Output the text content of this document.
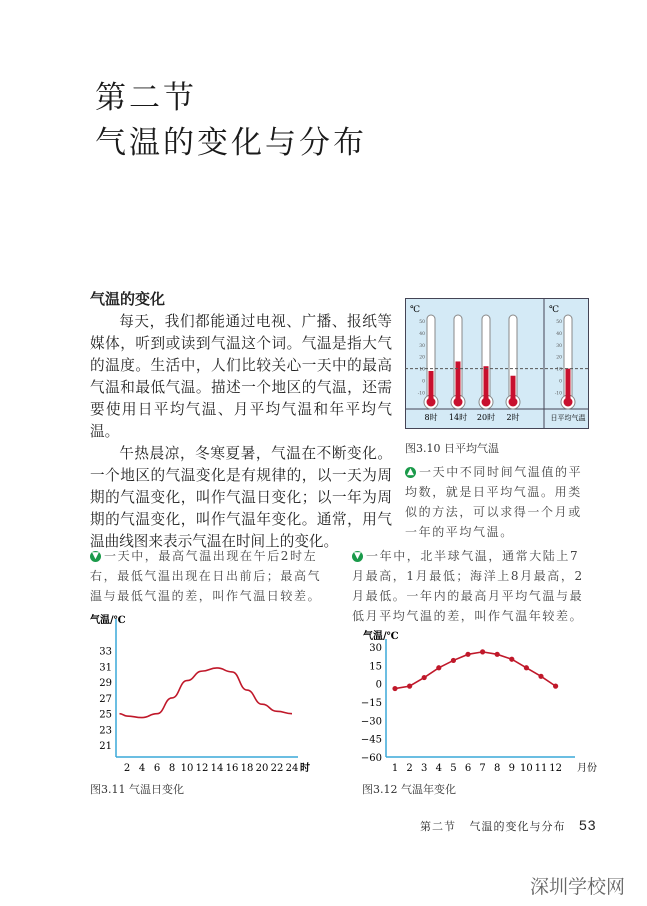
第二节
气温的变化与分布
气温的变化

每天，我们都能通过电视、广播、报纸等媒体，听到或读到气温这个词。气温是指大气的温度。生活中，人们比较关心一天中的最高气温和最低气温。描述一个地区的气温，还需要使用日平均气温、月平均气温和年平均气温。

午热晨凉，冬寒夏暑，气温在不断变化。一个地区的气温变化是有规律的，以一天为周期的气温变化，叫作气温日变化；以一年为周期的气温变化，叫作气温年变化。通常，用气温曲线图来表示气温在时间上的变化。

℃	℃
8时 14时 20时 2时	日平均气温
50
40
30
20
10
0
-10
50
40
30
20
10
0
-10
图3.10 日平均气温
▲ 一天中不同时间气温值的平均数，就是日平均气温。用类似的方法，可以求得一个月或一年的平均气温。
▼ 一天中，最高气温出现在午后2时左右，最低气温出现在日出前后；最高气温与最低气温的差，叫作气温日较差。
▼ 一年中，北半球气温，通常大陆上7月最高，1月最低；海洋上8月最高，2月最低。一年内的最高月平均气温与最低月平均气温的差，叫作气温年较差。
气温/℃
21
23
25
27
29
31
33
2 4 6 8 10 12 14 16 18 20 22 24 时
图3.11 气温日变化
气温/℃
30
15
0
−15
−30
−45
−60
1 2 3 4 5 6 7 8 9 10 11 12 月份
图3.12 气温年变化
第二节 气温的变化与分布 53
深圳学校网
